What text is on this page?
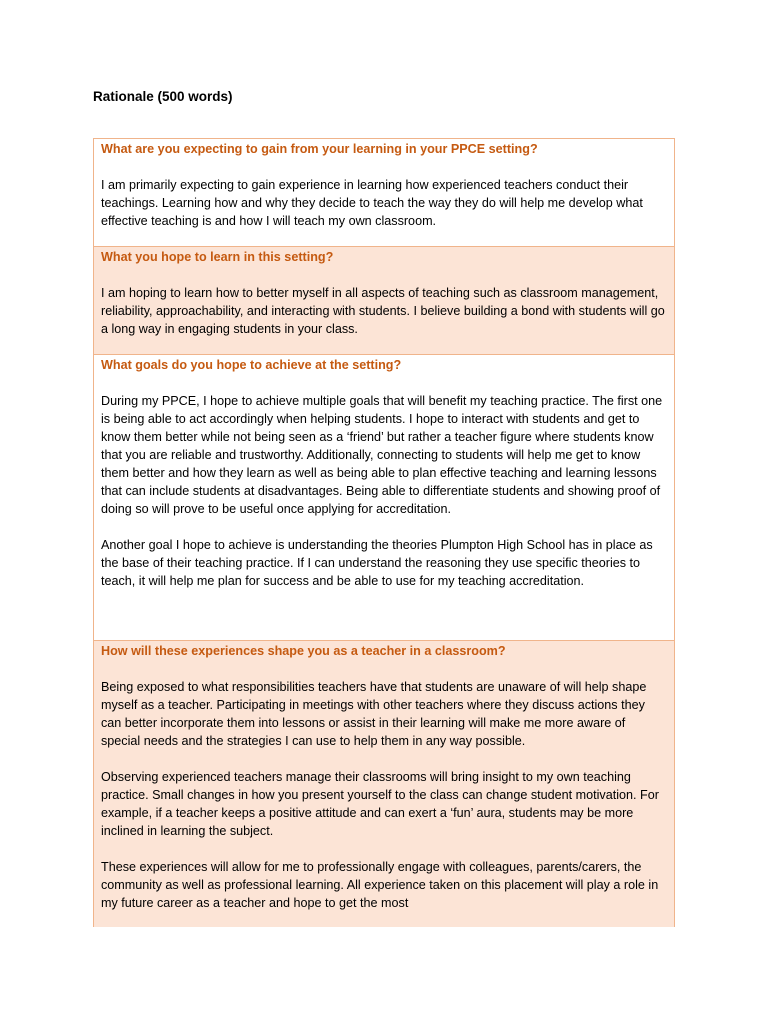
Rationale (500 words)

What are you expecting to gain from your learning in your PPCE setting?

I am primarily expecting to gain experience in learning how experienced teachers conduct their teachings. Learning how and why they decide to teach the way they do will help me develop what effective teaching is and how I will teach my own classroom.

What you hope to learn in this setting?

I am hoping to learn how to better myself in all aspects of teaching such as classroom management, reliability, approachability, and interacting with students. I believe building a bond with students will go a long way in engaging students in your class.

What goals do you hope to achieve at the setting?

During my PPCE, I hope to achieve multiple goals that will benefit my teaching practice. The first one is being able to act accordingly when helping students. I hope to interact with students and get to know them better while not being seen as a ‘friend’ but rather a teacher figure where students know that you are reliable and trustworthy. Additionally, connecting to students will help me get to know them better and how they learn as well as being able to plan effective teaching and learning lessons that can include students at disadvantages. Being able to differentiate students and showing proof of doing so will prove to be useful once applying for accreditation.

Another goal I hope to achieve is understanding the theories Plumpton High School has in place as the base of their teaching practice. If I can understand the reasoning they use specific theories to teach, it will help me plan for success and be able to use for my teaching accreditation.

How will these experiences shape you as a teacher in a classroom?

Being exposed to what responsibilities teachers have that students are unaware of will help shape myself as a teacher. Participating in meetings with other teachers where they discuss actions they can better incorporate them into lessons or assist in their learning will make me more aware of special needs and the strategies I can use to help them in any way possible.

Observing experienced teachers manage their classrooms will bring insight to my own teaching practice. Small changes in how you present yourself to the class can change student motivation. For example, if a teacher keeps a positive attitude and can exert a ‘fun’ aura, students may be more inclined in learning the subject.

These experiences will allow for me to professionally engage with colleagues, parents/carers, the community as well as professional learning. All experience taken on this placement will play a role in my future career as a teacher and hope to get the most
